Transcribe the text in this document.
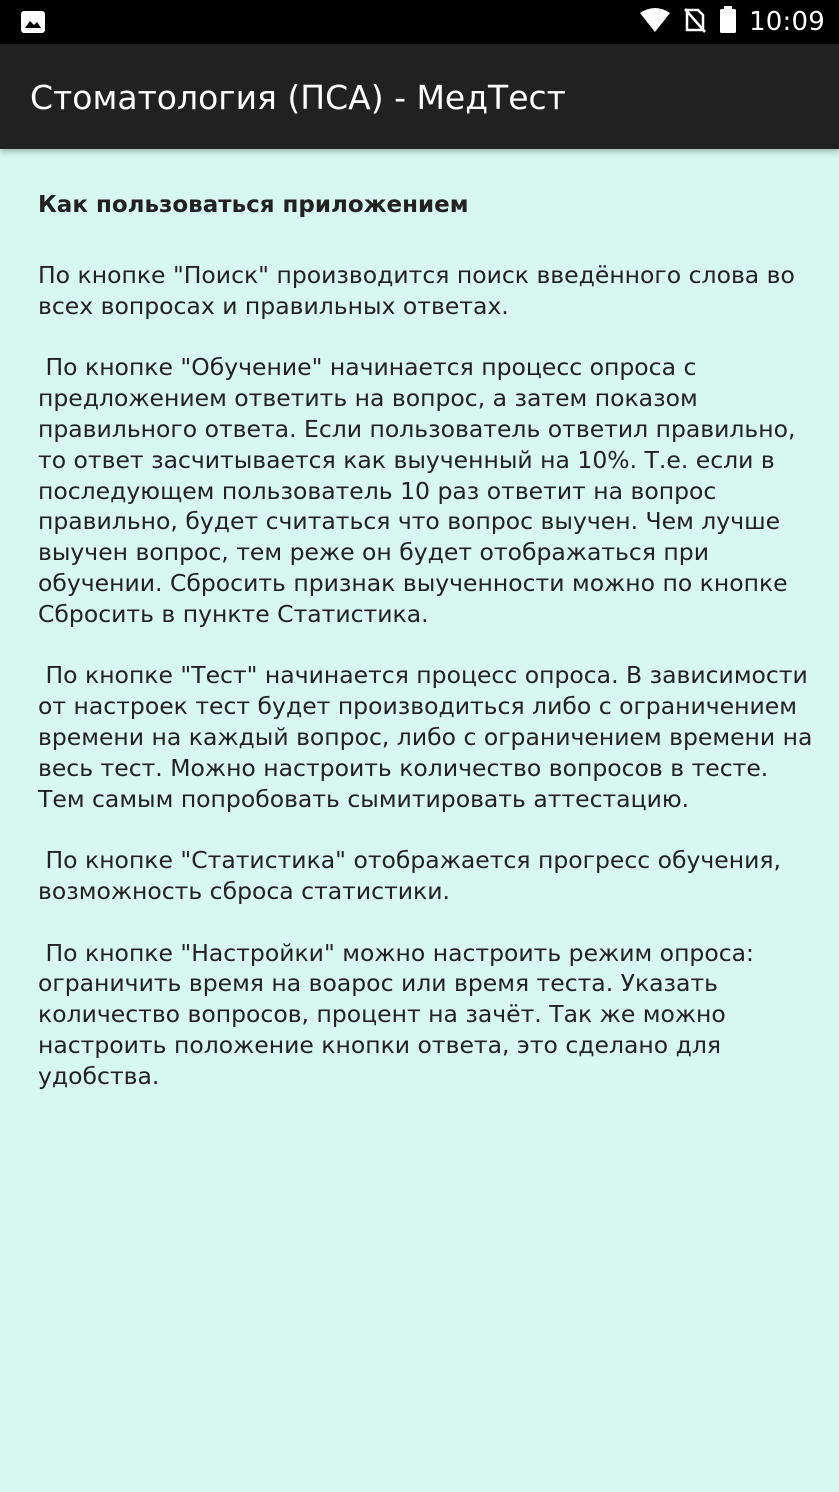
10:09
Стоматология (ПСА) - МедТест
Как пользоваться приложением

По кнопке "Поиск" производится поиск введённого слова во всех вопросах и правильных ответах.

По кнопке "Обучение" начинается процесс опроса с предложением ответить на вопрос, а затем показом правильного ответа. Если пользователь ответил правильно, то ответ засчитывается как выученный на 10%. Т.е. если в последующем пользователь 10 раз ответит на вопрос правильно, будет считаться что вопрос выучен. Чем лучше выучен вопрос, тем реже он будет отображаться при обучении. Сбросить признак выученности можно по кнопке Сбросить в пункте Статистика.

По кнопке "Тест" начинается процесс опроса. В зависимости от настроек тест будет производиться либо с ограничением времени на каждый вопрос, либо с ограничением времени на весь тест. Можно настроить количество вопросов в тесте. Тем самым попробовать сымитировать аттестацию.

По кнопке "Статистика" отображается прогресс обучения, возможность сброса статистики.

По кнопке "Настройки" можно настроить режим опроса: ограничить время на воарос или время теста. Указать количество вопросов, процент на зачёт. Так же можно настроить положение кнопки ответа, это сделано для удобства.
